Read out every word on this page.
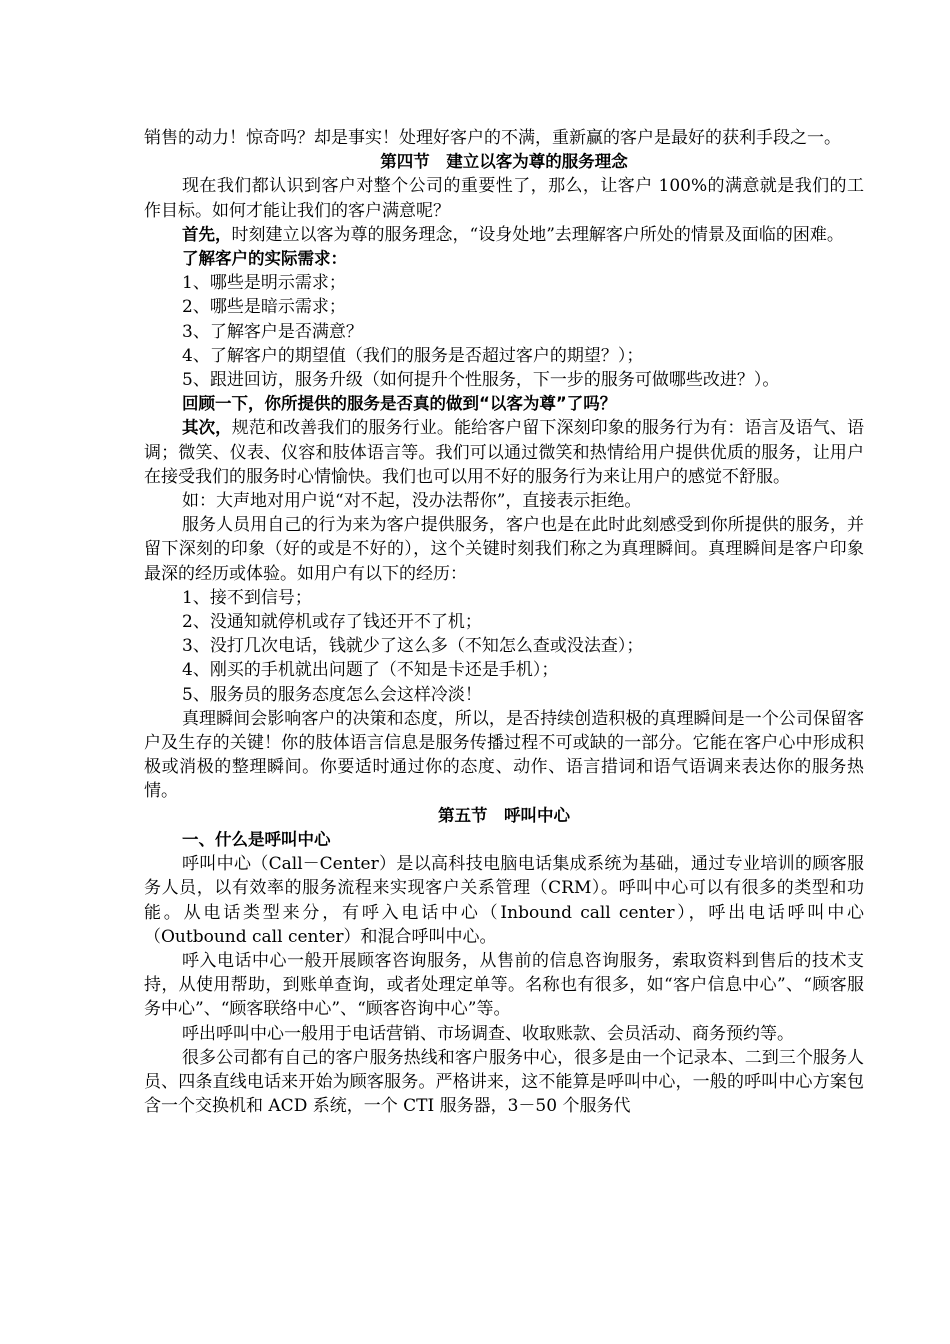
销售的动力！惊奇吗？却是事实！处理好客户的不满，重新赢的客户是最好的获利手段之一。

第四节　建立以客为尊的服务理念

现在我们都认识到客户对整个公司的重要性了，那么，让客户 100%的满意就是我们的工作目标。如何才能让我们的客户满意呢？

首先，时刻建立以客为尊的服务理念，“设身处地”去理解客户所处的情景及面临的困难。

了解客户的实际需求：

1、哪些是明示需求；

2、哪些是暗示需求；

3、了解客户是否满意？

4、了解客户的期望值（我们的服务是否超过客户的期望？）；

5、跟进回访，服务升级（如何提升个性服务，下一步的服务可做哪些改进？）。

回顾一下，你所提供的服务是否真的做到“以客为尊”了吗？

其次，规范和改善我们的服务行业。能给客户留下深刻印象的服务行为有：语言及语气、语调；微笑、仪表、仪容和肢体语言等。我们可以通过微笑和热情给用户提供优质的服务，让用户在接受我们的服务时心情愉快。我们也可以用不好的服务行为来让用户的感觉不舒服。

如：大声地对用户说“对不起，没办法帮你”，直接表示拒绝。

服务人员用自己的行为来为客户提供服务，客户也是在此时此刻感受到你所提供的服务，并留下深刻的印象（好的或是不好的），这个关键时刻我们称之为真理瞬间。真理瞬间是客户印象最深的经历或体验。如用户有以下的经历：

1、接不到信号；

2、没通知就停机或存了钱还开不了机；

3、没打几次电话，钱就少了这么多（不知怎么查或没法查）；

4、刚买的手机就出问题了（不知是卡还是手机）；

5、服务员的服务态度怎么会这样冷淡！

真理瞬间会影响客户的决策和态度，所以，是否持续创造积极的真理瞬间是一个公司保留客户及生存的关键！你的肢体语言信息是服务传播过程不可或缺的一部分。它能在客户心中形成积极或消极的整理瞬间。你要适时通过你的态度、动作、语言措词和语气语调来表达你的服务热情。

第五节　呼叫中心

一、什么是呼叫中心

呼叫中心（Call－Center）是以高科技电脑电话集成系统为基础，通过专业培训的顾客服务人员，以有效率的服务流程来实现客户关系管理（CRM）。呼叫中心可以有很多的类型和功能。从电话类型来分，有呼入电话中心（Inbound call center），呼出电话呼叫中心（Outbound call center）和混合呼叫中心。

呼入电话中心一般开展顾客咨询服务，从售前的信息咨询服务，索取资料到售后的技术支持，从使用帮助，到账单查询，或者处理定单等。名称也有很多，如“客户信息中心”、“顾客服务中心”、“顾客联络中心”、“顾客咨询中心”等。

呼出呼叫中心一般用于电话营销、市场调查、收取账款、会员活动、商务预约等。

很多公司都有自己的客户服务热线和客户服务中心，很多是由一个记录本、二到三个服务人员、四条直线电话来开始为顾客服务。严格讲来，这不能算是呼叫中心，一般的呼叫中心方案包含一个交换机和 ACD 系统，一个 CTI 服务器，3－50 个服务代
